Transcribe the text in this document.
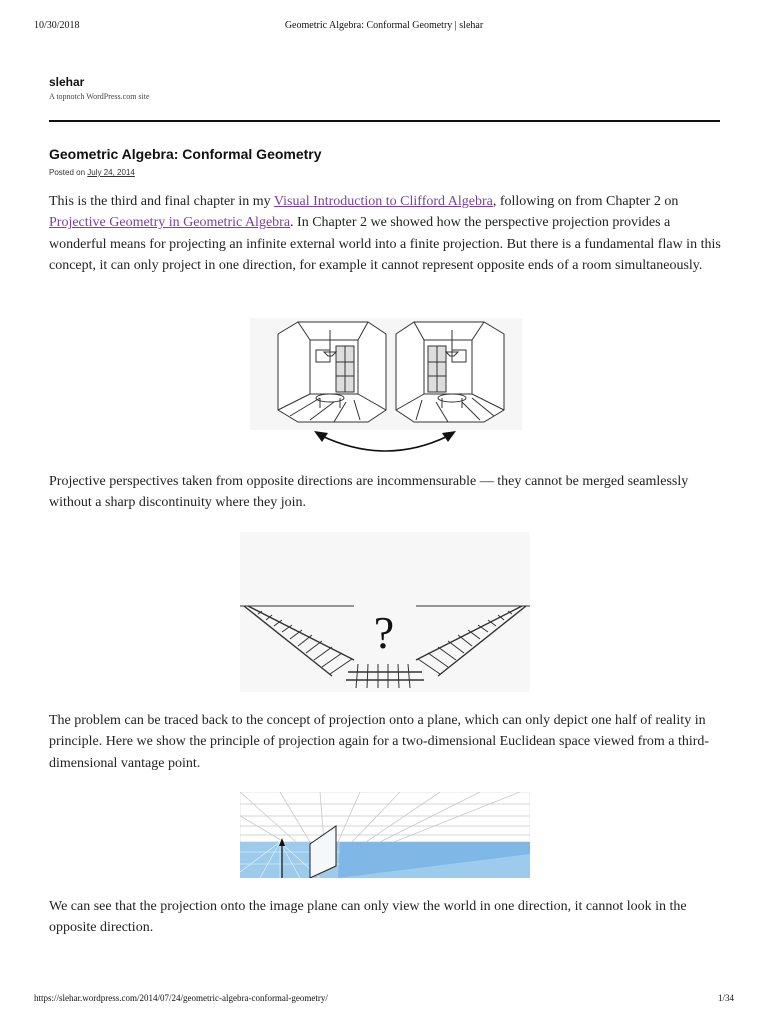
10/30/2018	Geometric Algebra: Conformal Geometry | slehar
slehar
A topnotch WordPress.com site
Geometric Algebra: Conformal Geometry
Posted on July 24, 2014

This is the third and final chapter in my Visual Introduction to Clifford Algebra, following on from Chapter 2 on Projective Geometry in Geometric Algebra. In Chapter 2 we showed how the perspective projection provides a wonderful means for projecting an infinite external world into a finite projection. But there is a fundamental flaw in this concept, it can only project in one direction, for example it cannot represent opposite ends of a room simultaneously.

Projective perspectives taken from opposite directions are incommensurable — they cannot be merged seamlessly without a sharp discontinuity where they join.

?

The problem can be traced back to the concept of projection onto a plane, which can only depict one half of reality in principle. Here we show the principle of projection again for a two-dimensional Euclidean space viewed from a third-dimensional vantage point.

We can see that the projection onto the image plane can only view the world in one direction, it cannot look in the opposite direction.

https://slehar.wordpress.com/2014/07/24/geometric-algebra-conformal-geometry/	1/34
